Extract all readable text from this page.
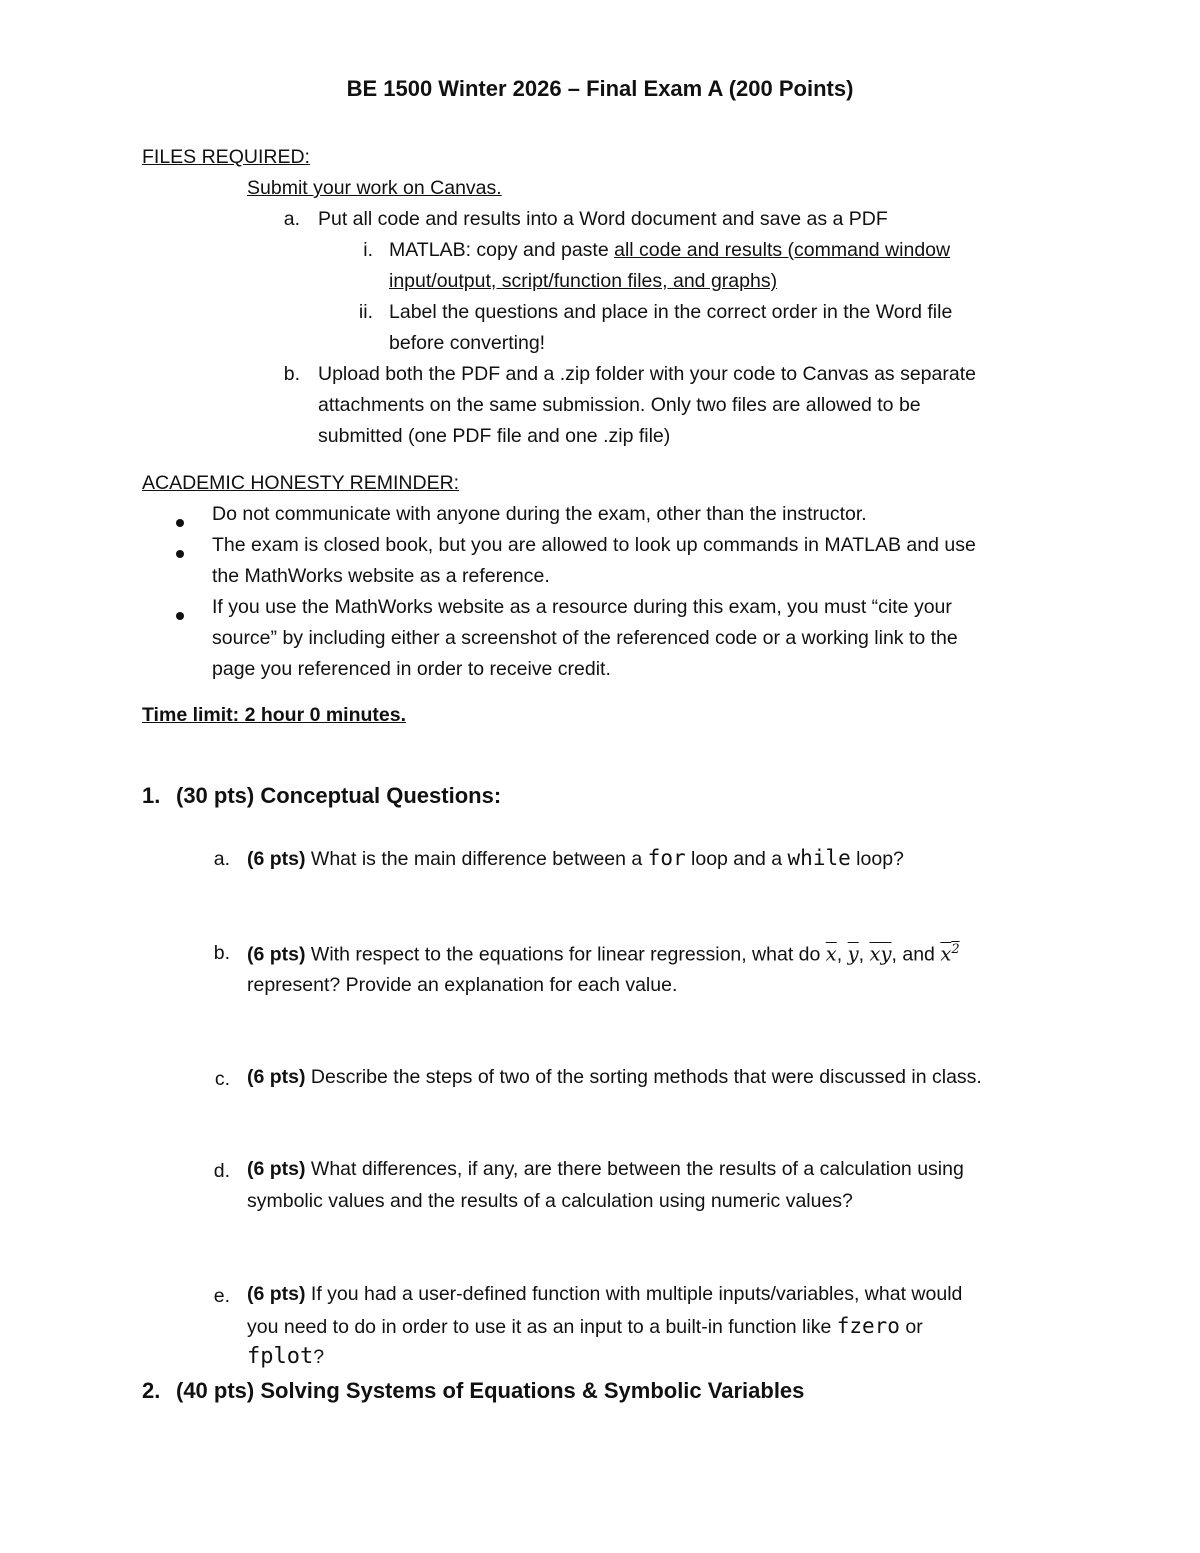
BE 1500 Winter 2026 – Final Exam A (200 Points)
FILES REQUIRED:
Submit your work on Canvas.
a. Put all code and results into a Word document and save as a PDF
i. MATLAB: copy and paste all code and results (command window
input/output, script/function files, and graphs)
ii. Label the questions and place in the correct order in the Word file
before converting!
b. Upload both the PDF and a .zip folder with your code to Canvas as separate
attachments on the same submission. Only two files are allowed to be
submitted (one PDF file and one .zip file)
ACADEMIC HONESTY REMINDER:
Do not communicate with anyone during the exam, other than the instructor.
The exam is closed book, but you are allowed to look up commands in MATLAB and use
the MathWorks website as a reference.
If you use the MathWorks website as a resource during this exam, you must “cite your
source” by including either a screenshot of the referenced code or a working link to the
page you referenced in order to receive credit.
Time limit: 2 hour 0 minutes.
1. (30 pts) Conceptual Questions:
a. (6 pts) What is the main difference between a for loop and a while loop?
b. (6 pts) With respect to the equations for linear regression, what do $\overline{x}$, $\overline{y}$, $\overline{xy}$, and $x^2$
represent? Provide an explanation for each value.
c. (6 pts) Describe the steps of two of the sorting methods that were discussed in class.
d. (6 pts) What differences, if any, are there between the results of a calculation using
symbolic values and the results of a calculation using numeric values?
e. (6 pts) If you had a user-defined function with multiple inputs/variables, what would
you need to do in order to use it as an input to a built-in function like fzero or
fplot?
2. (40 pts) Solving Systems of Equations & Symbolic Variables
